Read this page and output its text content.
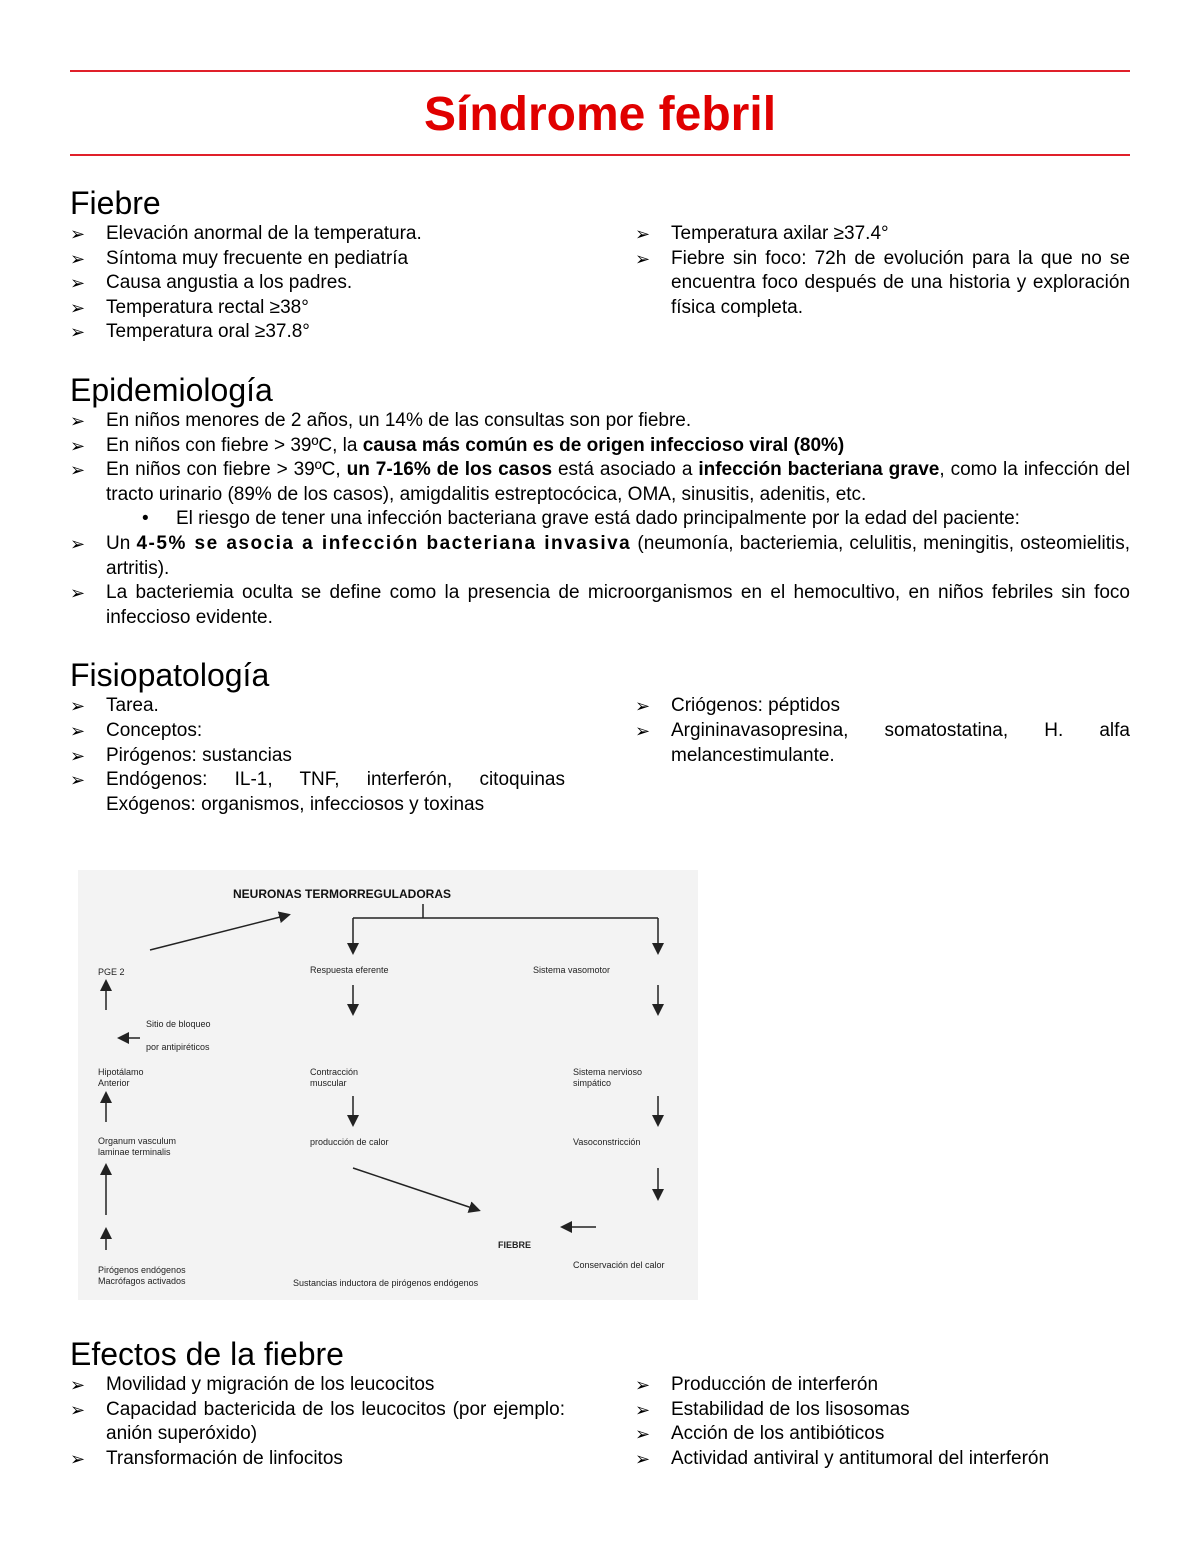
Síndrome febril
Fiebre
➢ Elevación anormal de la temperatura.
➢ Síntoma muy frecuente en pediatría
➢ Causa angustia a los padres.
➢ Temperatura rectal ≥38°
➢ Temperatura oral ≥37.8°
➢ Temperatura axilar ≥37.4°
➢ Fiebre sin foco: 72h de evolución para la que no se encuentra foco después de una historia y exploración física completa.
Epidemiología
➢ En niños menores de 2 años, un 14% de las consultas son por fiebre.
➢ En niños con fiebre > 39ºC, la causa más común es de origen infeccioso viral (80%)
➢ En niños con fiebre > 39ºC, un 7-16% de los casos está asociado a infección bacteriana grave, como la infección del tracto urinario (89% de los casos), amigdalitis estreptocócica, OMA, sinusitis, adenitis, etc.
• El riesgo de tener una infección bacteriana grave está dado principalmente por la edad del paciente:
➢ Un 4-5% se asocia a infección bacteriana invasiva (neumonía, bacteriemia, celulitis, meningitis, osteomielitis, artritis).
➢ La bacteriemia oculta se define como la presencia de microorganismos en el hemocultivo, en niños febriles sin foco infeccioso evidente.
Fisiopatología
➢ Tarea.
➢ Conceptos:
➢ Pirógenos: sustancias
➢ Endógenos: IL-1, TNF, interferón, citoquinas Exógenos: organismos, infecciosos y toxinas
➢ Criógenos: péptidos
➢ Argininavasopresina, somatostatina, H. alfa melancestimulante.
NEURONAS TERMORREGULADORAS
PGE 2
Sitio de bloqueo
por antipiréticos
Hipotálamo
Anterior
Organum vasculum
laminae terminalis
Pirógenos endógenos
Macrófagos activados
Respuesta eferente
Contracción
muscular
producción de calor
Sistema vasomotor
Sistema nervioso
simpático
Vasoconstricción
FIEBRE
Conservación del calor
Sustancias inductora de pirógenos endógenos
Efectos de la fiebre
➢ Movilidad y migración de los leucocitos
➢ Capacidad bactericida de los leucocitos (por ejemplo: anión superóxido)
➢ Transformación de linfocitos
➢ Producción de interferón
➢ Estabilidad de los lisosomas
➢ Acción de los antibióticos
➢ Actividad antiviral y antitumoral del interferón
